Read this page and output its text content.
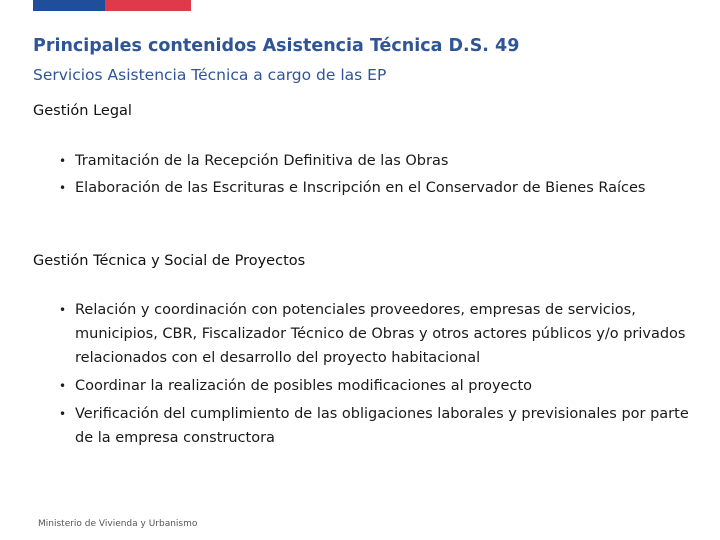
Principales contenidos Asistencia Técnica D.S. 49
Servicios Asistencia Técnica a cargo de las EP
Gestión Legal
• Tramitación de la Recepción Definitiva de las Obras
• Elaboración de las Escrituras e Inscripción en el Conservador de Bienes Raíces
Gestión Técnica y Social de Proyectos
• Relación y coordinación con potenciales proveedores, empresas de servicios, municipios, CBR, Fiscalizador Técnico de Obras y otros actores públicos y/o privados relacionados con el desarrollo del proyecto habitacional
• Coordinar la realización de posibles modificaciones al proyecto
• Verificación del cumplimiento de las obligaciones laborales y previsionales por parte de la empresa constructora
Ministerio de Vivienda y Urbanismo
